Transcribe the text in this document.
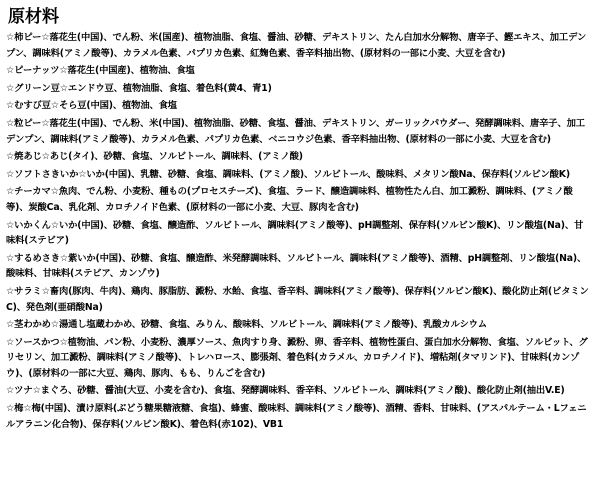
原材料
☆柿ピー☆落花生(中国)、でん粉、米(国産)、植物油脂、食塩、醤油、砂糖、デキストリン、たん白加水分解物、唐辛子、鰹エキス、加工デンプン、調味料(アミノ酸等)、カラメル色素、パプリカ色素、紅麹色素、香辛料抽出物、(原材料の一部に小麦、大豆を含む)
☆ピーナッツ☆落花生(中国産)、植物油、食塩
☆グリーン豆☆エンドウ豆、植物油脂、食塩、着色料(黄4、青1)
☆むすび豆☆そら豆(中国)、植物油、食塩
☆粒ピー☆落花生(中国)、でん粉、米(中国)、植物油脂、砂糖、食塩、醤油、デキストリン、ガーリックパウダー、発酵調味料、唐辛子、加工デンプン、調味料(アミノ酸等)、カラメル色素、パプリカ色素、ベニコウジ色素、香辛料抽出物、(原材料の一部に小麦、大豆を含む)
☆焼あじ☆あじ(タイ)、砂糖、食塩、ソルビトール、調味料、(アミノ酸)
☆ソフトさきいか☆いか(中国)、乳糖、砂糖、食塩、調味料、(アミノ酸)、ソルビトール、酸味料、メタリン酸Na、保存料(ソルビン酸K)
☆チーカマ☆魚肉、でん粉、小麦粉、種もの(プロセスチーズ)、食塩、ラード、醸造調味料、植物性たん白、加工澱粉、調味料、(アミノ酸等)、炭酸Ca、乳化剤、カロチノイド色素、(原材料の一部に小麦、大豆、豚肉を含む)
☆いかくん☆いか(中国)、砂糖、食塩、醸造酢、ソルビトール、調味料(アミノ酸等)、pH調整剤、保存料(ソルビン酸K)、リン酸塩(Na)、甘味料(ステビア)
☆するめさき☆紫いか(中国)、砂糖、食塩、醸造酢、米発酵調味料、ソルビトール、調味料(アミノ酸等)、酒精、pH調整剤、リン酸塩(Na)、酸味料、甘味料(ステビア、カンゾウ)
☆サラミ☆畜肉(豚肉、牛肉)、鶏肉、豚脂肪、澱粉、水飴、食塩、香辛料、調味料(アミノ酸等)、保存料(ソルビン酸K)、酸化防止剤(ビタミンC)、発色剤(亜硝酸Na)
☆茎わかめ☆湯通し塩蔵わかめ、砂糖、食塩、みりん、酸味料、ソルビトール、調味料(アミノ酸等)、乳酸カルシウム
☆ソースかつ☆植物油、パン粉、小麦粉、濃厚ソース、魚肉すり身、澱粉、卵、香辛料、植物性蛋白、蛋白加水分解物、食塩、ソルビット、グリセリン、加工澱粉、調味料(アミノ酸等)、トレハロース、膨張剤、着色料(カラメル、カロチノイド)、増粘剤(タマリンド)、甘味料(カンゾウ)、(原材料の一部に大豆、鶏肉、豚肉、もも、りんごを含む)
☆ツナ☆まぐろ、砂糖、醤油(大豆、小麦を含む)、食塩、発酵調味料、香辛料、ソルビトール、調味料(アミノ酸)、酸化防止剤(抽出V.E)
☆梅☆梅(中国)、漬け原料(ぶどう糖果糖液糖、食塩)、蜂蜜、酸味料、調味料(アミノ酸等)、酒精、香料、甘味料、(アスパルテーム・Lフェニルアラニン化合物)、保存料(ソルビン酸K)、着色料(赤102)、VB1
